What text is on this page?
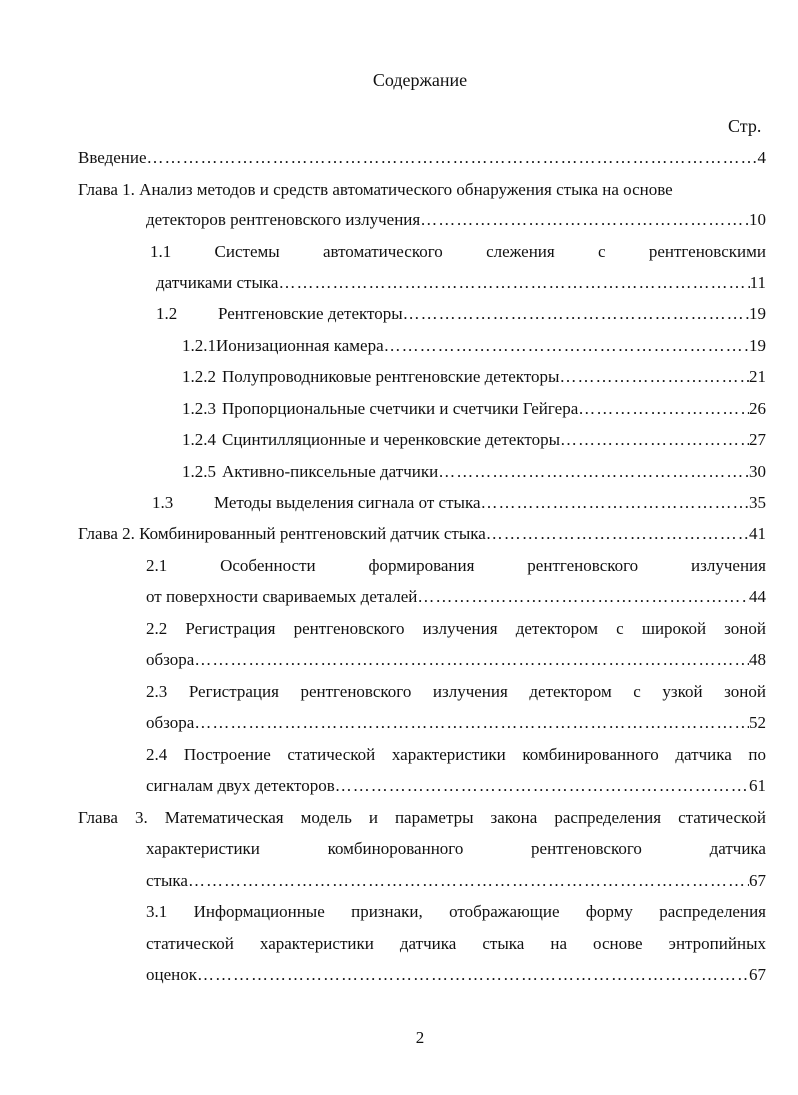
Содержание
Стр.
Введение …………………………………………………………………………………………………………………………………………	4
Глава 1. Анализ методов и средств автоматического обнаружения стыка на основе
детекторов рентгеновского излучения …………………………………………………………………………………………………………………………………………	10
1.1	Системы	автоматического	слежения	с	рентгеновскими
датчиками стыка …………………………………………………………………………………………………………………………………………	11
1.2	Рентгеновские детекторы …………………………………………………………………………………………………………………………………………	19
1.2.1 Ионизационная камера …………………………………………………………………………………………………………………………………………	19
1.2.2 Полупроводниковые рентгеновские детекторы …………………………………………………………………………………………………………………………………………	21
1.2.3 Пропорциональные счетчики и счетчики Гейгера …………………………………………………………………………………………………………………………………………	26
1.2.4 Сцинтилляционные и черенковские детекторы …………………………………………………………………………………………………………………………………………	27
1.2.5 Активно-пиксельные датчики …………………………………………………………………………………………………………………………………………	30
1.3	Методы выделения сигнала от стыка …………………………………………………………………………………………………………………………………………	35
Глава 2. Комбинированный рентгеновский датчик стыка …………………………………………………………………………………………………………………………………………	41
2.1	Особенности	формирования	рентгеновского	излучения
от поверхности свариваемых деталей …………………………………………………………………………………………………………………………………………	44
2.2 Регистрация рентгеновского излучения детектором с широкой зоной
обзора …………………………………………………………………………………………………………………………………………	48
2.3 Регистрация рентгеновского излучения детектором с узкой зоной
обзора …………………………………………………………………………………………………………………………………………	52
2.4 Построение статической характеристики комбинированного датчика по
сигналам двух детекторов …………………………………………………………………………………………………………………………………………	61
Глава 3. Математическая модель и параметры закона распределения статической
характеристики	комбинорованного	рентгеновского	датчика
стыка …………………………………………………………………………………………………………………………………………	67
3.1 Информационные признаки, отображающие форму распределения
статической характеристики датчика стыка на основе энтропийных
оценок …………………………………………………………………………………………………………………………………………	67
2
